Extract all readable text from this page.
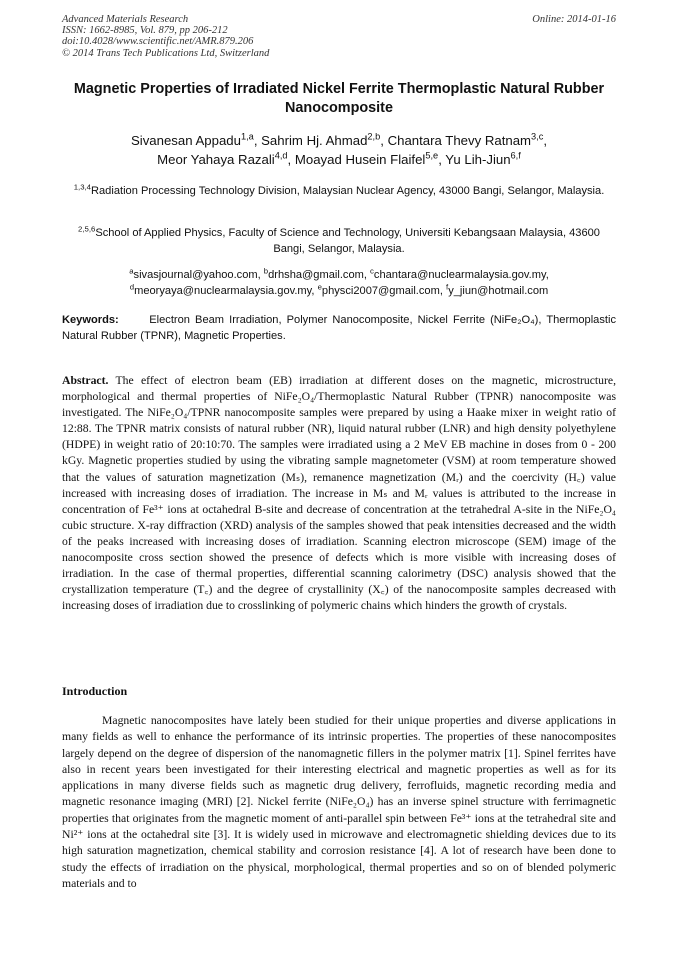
Advanced Materials Research
ISSN: 1662-8985, Vol. 879, pp 206-212
doi:10.4028/www.scientific.net/AMR.879.206
© 2014 Trans Tech Publications Ltd, Switzerland
Online: 2014-01-16
Magnetic Properties of Irradiated Nickel Ferrite Thermoplastic Natural Rubber Nanocomposite
Sivanesan Appadu$^{1,a}$, Sahrim Hj. Ahmad$^{2,b}$, Chantara Thevy Ratnam$^{3,c}$,
Meor Yahaya Razali$^{4,d}$, Moayad Husein Flaifel$^{5,e}$, Yu Lih-Jiun$^{6,f}$
$^{1,3,4}$Radiation Processing Technology Division, Malaysian Nuclear Agency, 43000 Bangi, Selangor, Malaysia.
$^{2,5,6}$School of Applied Physics, Faculty of Science and Technology, Universiti Kebangsaan Malaysia, 43600 Bangi, Selangor, Malaysia.
$^a$sivasjournal@yahoo.com, $^b$drhsha@gmail.com, $^c$chantara@nuclearmalaysia.gov.my,
$^d$meoryaya@nuclearmalaysia.gov.my, $^e$physci2007@gmail.com, $^f$y_jiun@hotmail.com
Keywords:	Electron Beam Irradiation, Polymer Nanocomposite, Nickel Ferrite (NiFe₂O₄), Thermoplastic Natural Rubber (TPNR), Magnetic Properties.

Abstract. The effect of electron beam (EB) irradiation at different doses on the magnetic, microstructure, morphological and thermal properties of NiFe₂O₄/Thermoplastic Natural Rubber (TPNR) nanocomposite was investigated. The NiFe₂O₄/TPNR nanocomposite samples were prepared by using a Haake mixer in weight ratio of 12:88. The TPNR matrix consists of natural rubber (NR), liquid natural rubber (LNR) and high density polyethylene (HDPE) in weight ratio of 20:10:70. The samples were irradiated using a 2 MeV EB machine in doses from 0 - 200 kGy. Magnetic properties studied by using the vibrating sample magnetometer (VSM) at room temperature showed that the values of saturation magnetization (Mₛ), remanence magnetization (Mᵣ) and the coercivity (H꜀) value increased with increasing doses of irradiation. The increase in Mₛ and Mᵣ values is attributed to the increase in concentration of Fe³⁺ ions at octahedral B-site and decrease of concentration at the tetrahedral A-site in the NiFe₂O₄ cubic structure. X-ray diffraction (XRD) analysis of the samples showed that peak intensities decreased and the width of the peaks increased with increasing doses of irradiation. Scanning electron microscope (SEM) image of the nanocomposite cross section showed the presence of defects which is more visible with increasing doses of irradiation. In the case of thermal properties, differential scanning calorimetry (DSC) analysis showed that the crystallization temperature (T꜀) and the degree of crystallinity (X꜀) of the nanocomposite samples decreased with increasing doses of irradiation due to crosslinking of polymeric chains which hinders the growth of crystals.

Introduction

Magnetic nanocomposites have lately been studied for their unique properties and diverse applications in many fields as well to enhance the performance of its intrinsic properties. The properties of these nanocomposites largely depend on the degree of dispersion of the nanomagnetic fillers in the polymer matrix [1]. Spinel ferrites have also in recent years been investigated for their interesting electrical and magnetic properties as well as for its applications in many diverse fields such as magnetic drug delivery, ferrofluids, magnetic recording media and magnetic resonance imaging (MRI) [2]. Nickel ferrite (NiFe₂O₄) has an inverse spinel structure with ferrimagnetic properties that originates from the magnetic moment of anti-parallel spin between Fe³⁺ ions at the tetrahedral site and Ni²⁺ ions at the octahedral site [3]. It is widely used in microwave and electromagnetic shielding devices due to its high saturation magnetization, chemical stability and corrosion resistance [4]. A lot of research have been done to study the effects of irradiation on the physical, morphological, thermal properties and so on of blended polymeric materials and to
